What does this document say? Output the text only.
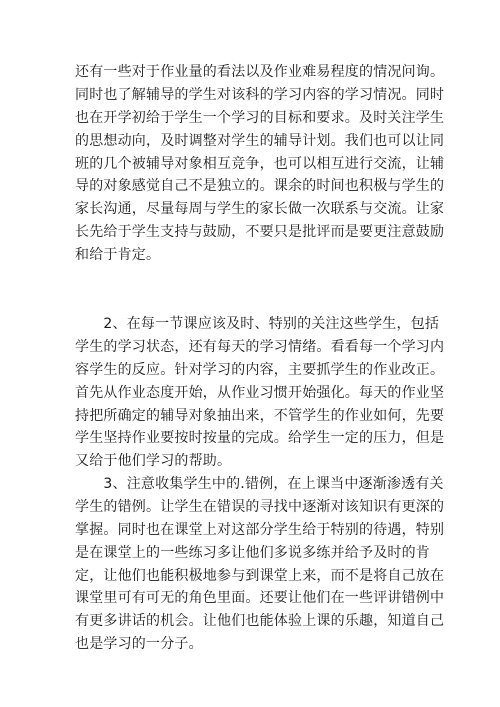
还有一些对于作业量的看法以及作业难易程度的情况问询。
同时也了解辅导的学生对该科的学习内容的学习情况。同时
也在开学初给于学生一个学习的目标和要求。及时关注学生
的思想动向，及时调整对学生的辅导计划。我们也可以让同
班的几个被辅导对象相互竞争，也可以相互进行交流，让辅
导的对象感觉自己不是独立的。课余的时间也积极与学生的
家长沟通，尽量每周与学生的家长做一次联系与交流。让家
长先给于学生支持与鼓励，不要只是批评而是要更注意鼓励
和给于肯定。
　　2、在每一节课应该及时、特别的关注这些学生，包括
学生的学习状态，还有每天的学习情绪。看看每一个学习内
容学生的反应。针对学习的内容，主要抓学生的作业改正。
首先从作业态度开始，从作业习惯开始强化。每天的作业坚
持把所确定的辅导对象抽出来，不管学生的作业如何，先要
学生坚持作业要按时按量的完成。给学生一定的压力，但是
又给于他们学习的帮助。
　　3、注意收集学生中的.错例，在上课当中逐渐渗透有关
学生的错例。让学生在错误的寻找中逐渐对该知识有更深的
掌握。同时也在课堂上对这部分学生给于特别的待遇，特别
是在课堂上的一些练习多让他们多说多练并给予及时的肯
定，让他们也能积极地参与到课堂上来，而不是将自己放在
课堂里可有可无的角色里面。还要让他们在一些评讲错例中
有更多讲话的机会。让他们也能体验上课的乐趣，知道自己
也是学习的一分子。
